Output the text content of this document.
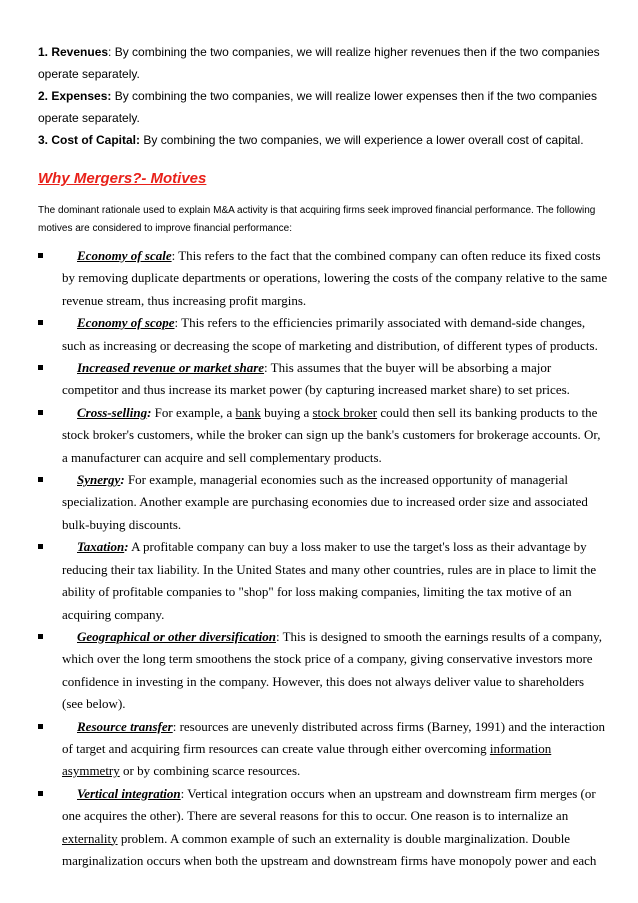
1. Revenues: By combining the two companies, we will realize higher revenues then if the two companies operate separately.

2. Expenses: By combining the two companies, we will realize lower expenses then if the two companies operate separately.

3. Cost of Capital: By combining the two companies, we will experience a lower overall cost of capital.

Why Mergers?- Motives

The dominant rationale used to explain M&A activity is that acquiring firms seek improved financial performance. The following motives are considered to improve financial performance:

Economy of scale: This refers to the fact that the combined company can often reduce its fixed costs by removing duplicate departments or operations, lowering the costs of the company relative to the same revenue stream, thus increasing profit margins.
Economy of scope: This refers to the efficiencies primarily associated with demand-side changes, such as increasing or decreasing the scope of marketing and distribution, of different types of products.
Increased revenue or market share: This assumes that the buyer will be absorbing a major competitor and thus increase its market power (by capturing increased market share) to set prices.
Cross-selling: For example, a bank buying a stock broker could then sell its banking products to the stock broker's customers, while the broker can sign up the bank's customers for brokerage accounts. Or, a manufacturer can acquire and sell complementary products.
Synergy: For example, managerial economies such as the increased opportunity of managerial specialization. Another example are purchasing economies due to increased order size and associated bulk-buying discounts.
Taxation: A profitable company can buy a loss maker to use the target's loss as their advantage by reducing their tax liability. In the United States and many other countries, rules are in place to limit the ability of profitable companies to "shop" for loss making companies, limiting the tax motive of an acquiring company.
Geographical or other diversification: This is designed to smooth the earnings results of a company, which over the long term smoothens the stock price of a company, giving conservative investors more confidence in investing in the company. However, this does not always deliver value to shareholders (see below).
Resource transfer: resources are unevenly distributed across firms (Barney, 1991) and the interaction of target and acquiring firm resources can create value through either overcoming information asymmetry or by combining scarce resources.
Vertical integration: Vertical integration occurs when an upstream and downstream firm merges (or one acquires the other). There are several reasons for this to occur. One reason is to internalize an externality problem. A common example of such an externality is double marginalization. Double marginalization occurs when both the upstream and downstream firms have monopoly power and each
